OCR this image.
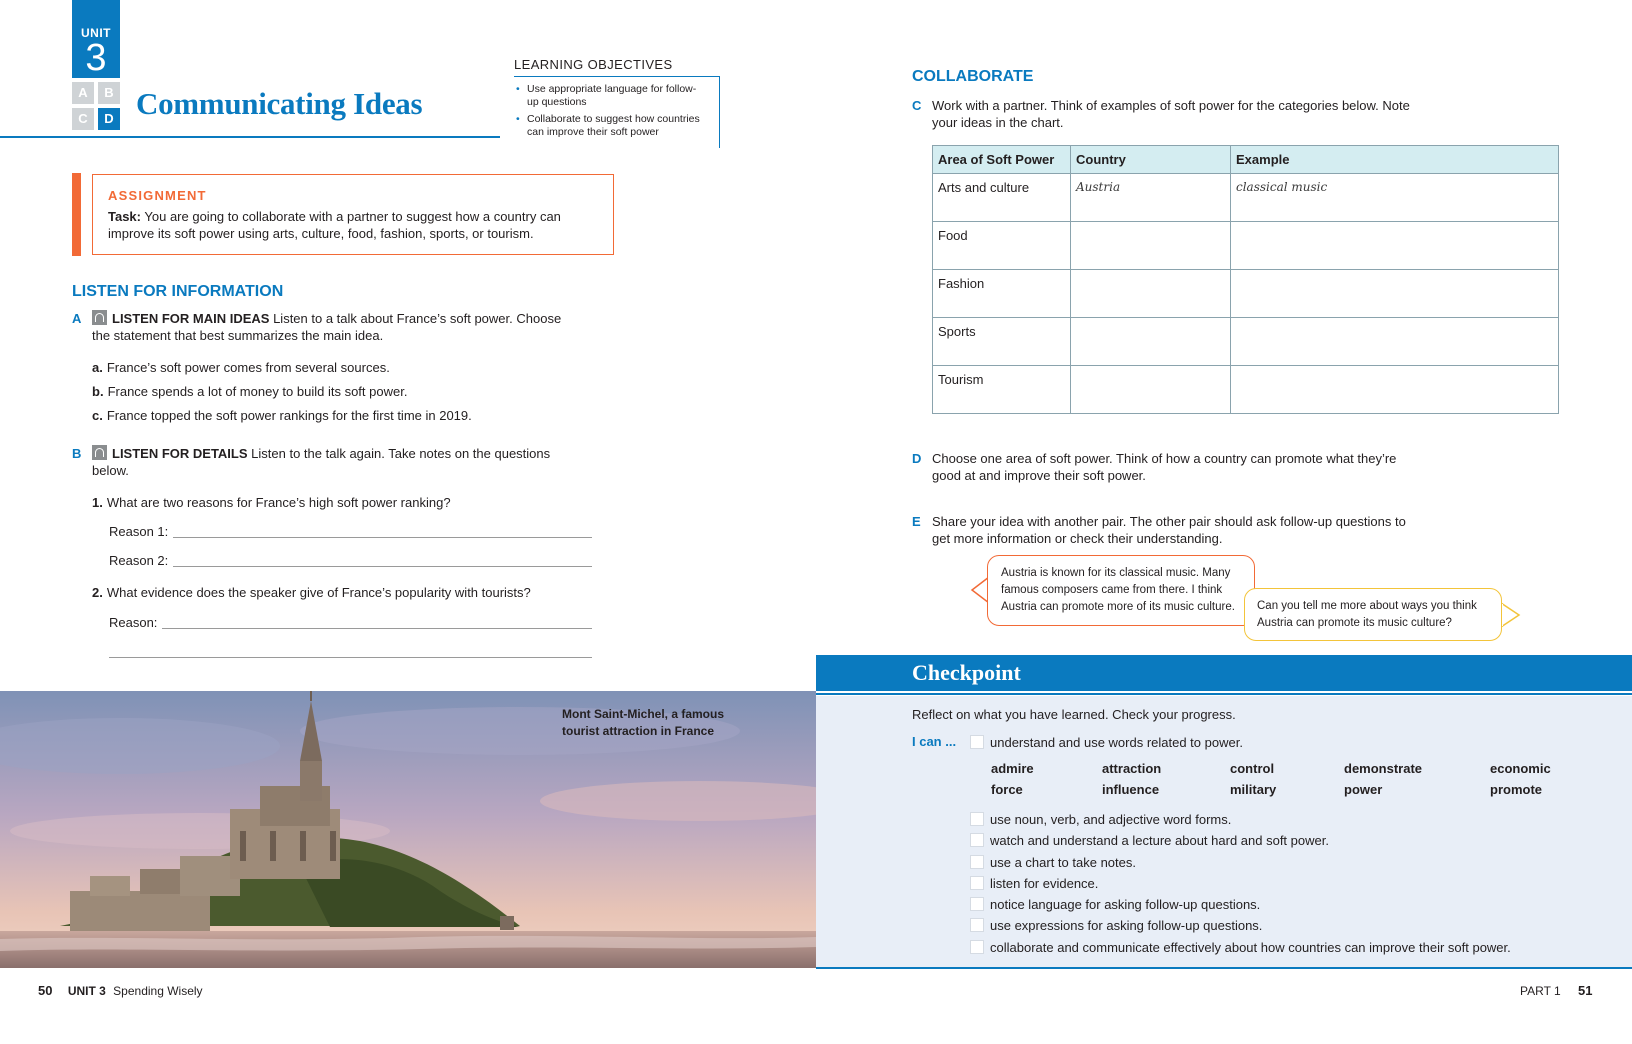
UNIT
3
A	B
C	D Communicating Ideas
LEARNING OBJECTIVES
• Use appropriate language for follow-
up questions
• Collaborate to suggest how countries
can improve their soft power
ASSIGNMENT
Task: You are going to collaborate with a partner to suggest how a country can
improve its soft power using arts, culture, food, fashion, sports, or tourism.
LISTEN FOR INFORMATION
A	LISTEN FOR MAIN IDEAS Listen to a talk about France’s soft power. Choose
the statement that best summarizes the main idea.
a. France’s soft power comes from several sources.
b. France spends a lot of money to build its soft power.
c. France topped the soft power rankings for the first time in 2019.
B	LISTEN FOR DETAILS Listen to the talk again. Take notes on the questions
below.
1. What are two reasons for France’s high soft power ranking?
Reason 1:
Reason 2:
2. What evidence does the speaker give of France’s popularity with tourists?
Reason:
Mont Saint-Michel, a famous
tourist attraction in France
50 UNIT 3 Spending Wisely
COLLABORATE
C Work with a partner. Think of examples of soft power for the categories below. Note
your ideas in the chart.
Area of Soft Power	Country	Example
Arts and culture	Austria	classical music
Food		
Fashion		
Sports		
Tourism		
D Choose one area of soft power. Think of how a country can promote what they’re
good at and improve their soft power.
E Share your idea with another pair. The other pair should ask follow-up questions to
get more information or check their understanding.
Austria is known for its classical music. Many
famous composers came from there. I think
Austria can promote more of its music culture.	Can you tell me more about ways you think
Austria can promote its music culture?
Checkpoint
Reflect on what you have learned. Check your progress.
I can ...	understand and use words related to power.
admire	attraction	control	demonstrate	economic
force	influence	military	power	promote
use noun, verb, and adjective word forms.
watch and understand a lecture about hard and soft power.
use a chart to take notes.
listen for evidence.
notice language for asking follow-up questions.
use expressions for asking follow-up questions.
collaborate and communicate effectively about how countries can improve their soft power.
PART 1 51
